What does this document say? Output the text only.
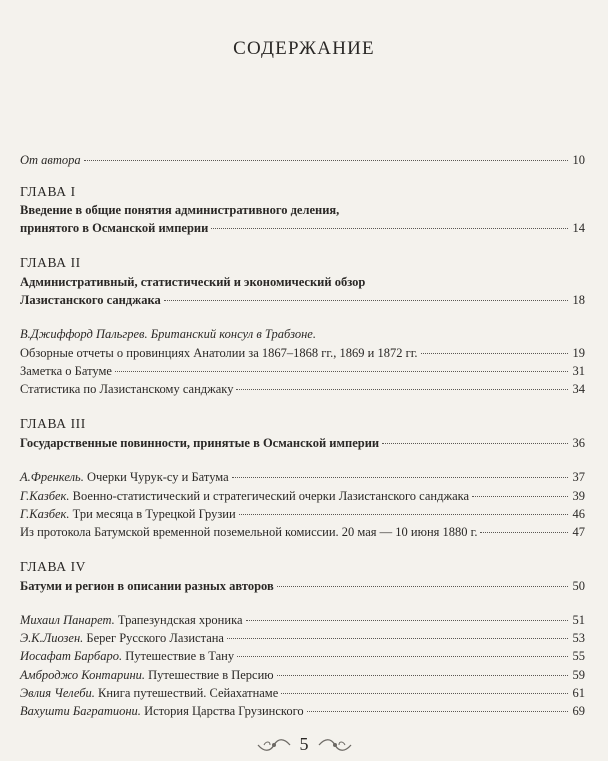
СОДЕРЖАНИЕ
От автора	10
ГЛАВА I
Введение в общие понятия административного деления,
принятого в Османской империи	14
ГЛАВА II
Административный, статистический и экономический обзор
Лазистанского санджака	18
В.Джиффорд Пальгрев. Британский консул в Трабзоне.
Обзорные отчеты о провинциях Анатолии за 1867–1868 гг., 1869 и 1872 гг.	19
Заметка о Батуме	31
Статистика по Лазистанскому санджаку	34
ГЛАВА III
Государственные повинности, принятые в Османской империи	36
А.Френкель. Очерки Чурук-су и Батума	37
Г.Казбек. Военно-статистический и стратегический очерки Лазистанского санджака	39
Г.Казбек. Три месяца в Турецкой Грузии	46
Из протокола Батумской временной поземельной комиссии. 20 мая — 10 июня 1880 г.	47
ГЛАВА IV
Батуми и регион в описании разных авторов	50
Михаил Панарет. Трапезундская хроника	51
Э.К.Лиозен. Берег Русского Лазистана	53
Иосафат Барбаро. Путешествие в Тану	55
Амброджо Контарини. Путешествие в Персию	59
Эвлия Челеби. Книга путешествий. Сейахатнаме	61
Вахушти Багратиони. История Царства Грузинского	69
5
